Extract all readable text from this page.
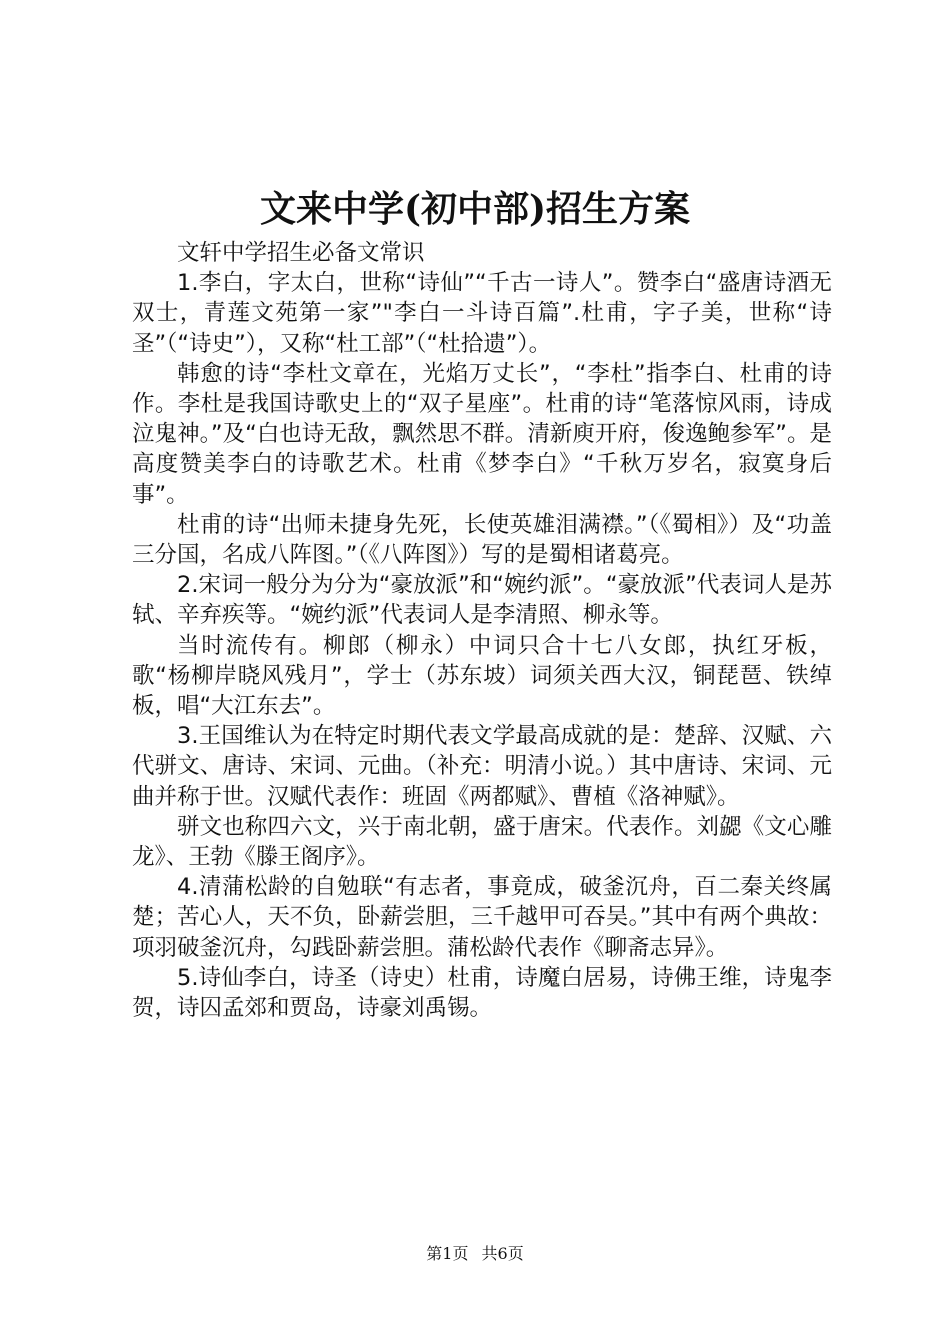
文来中学(初中部)招生方案

文轩中学招生必备文常识

1.李白，字太白，世称“诗仙”“千古一诗人”。赞李白“盛唐诗酒无双士，青莲文苑第一家”"李白一斗诗百篇”.杜甫，字子美，世称“诗圣”（“诗史”），又称“杜工部”（“杜拾遗”）。

韩愈的诗“李杜文章在，光焰万丈长”，“李杜”指李白、杜甫的诗作。李杜是我国诗歌史上的“双子星座”。杜甫的诗“笔落惊风雨，诗成泣鬼神。”及“白也诗无敌，飘然思不群。清新庾开府，俊逸鲍参军”。是高度赞美李白的诗歌艺术。杜甫《梦李白》“千秋万岁名，寂寞身后事”。

杜甫的诗“出师未捷身先死，长使英雄泪满襟。”（《蜀相》）及“功盖三分国，名成八阵图。”（《八阵图》）写的是蜀相诸葛亮。

2.宋词一般分为分为“豪放派”和“婉约派”。“豪放派”代表词人是苏轼、辛弃疾等。“婉约派”代表词人是李清照、柳永等。

当时流传有。柳郎（柳永）中词只合十七八女郎，执红牙板，歌“杨柳岸晓风残月”，学士（苏东坡）词须关西大汉，铜琵琶、铁绰板，唱“大江东去”。

3.王国维认为在特定时期代表文学最高成就的是：楚辞、汉赋、六代骈文、唐诗、宋词、元曲。（补充：明清小说。）其中唐诗、宋词、元曲并称于世。汉赋代表作：班固《两都赋》、曹植《洛神赋》。

骈文也称四六文，兴于南北朝，盛于唐宋。代表作。刘勰《文心雕龙》、王勃《滕王阁序》。

4.清蒲松龄的自勉联“有志者，事竟成，破釜沉舟，百二秦关终属楚；苦心人，天不负，卧薪尝胆，三千越甲可吞吴。”其中有两个典故：项羽破釜沉舟，勾践卧薪尝胆。蒲松龄代表作《聊斋志异》。

5.诗仙李白，诗圣（诗史）杜甫，诗魔白居易，诗佛王维，诗鬼李贺，诗囚孟郊和贾岛，诗豪刘禹锡。

第1页 共6页
